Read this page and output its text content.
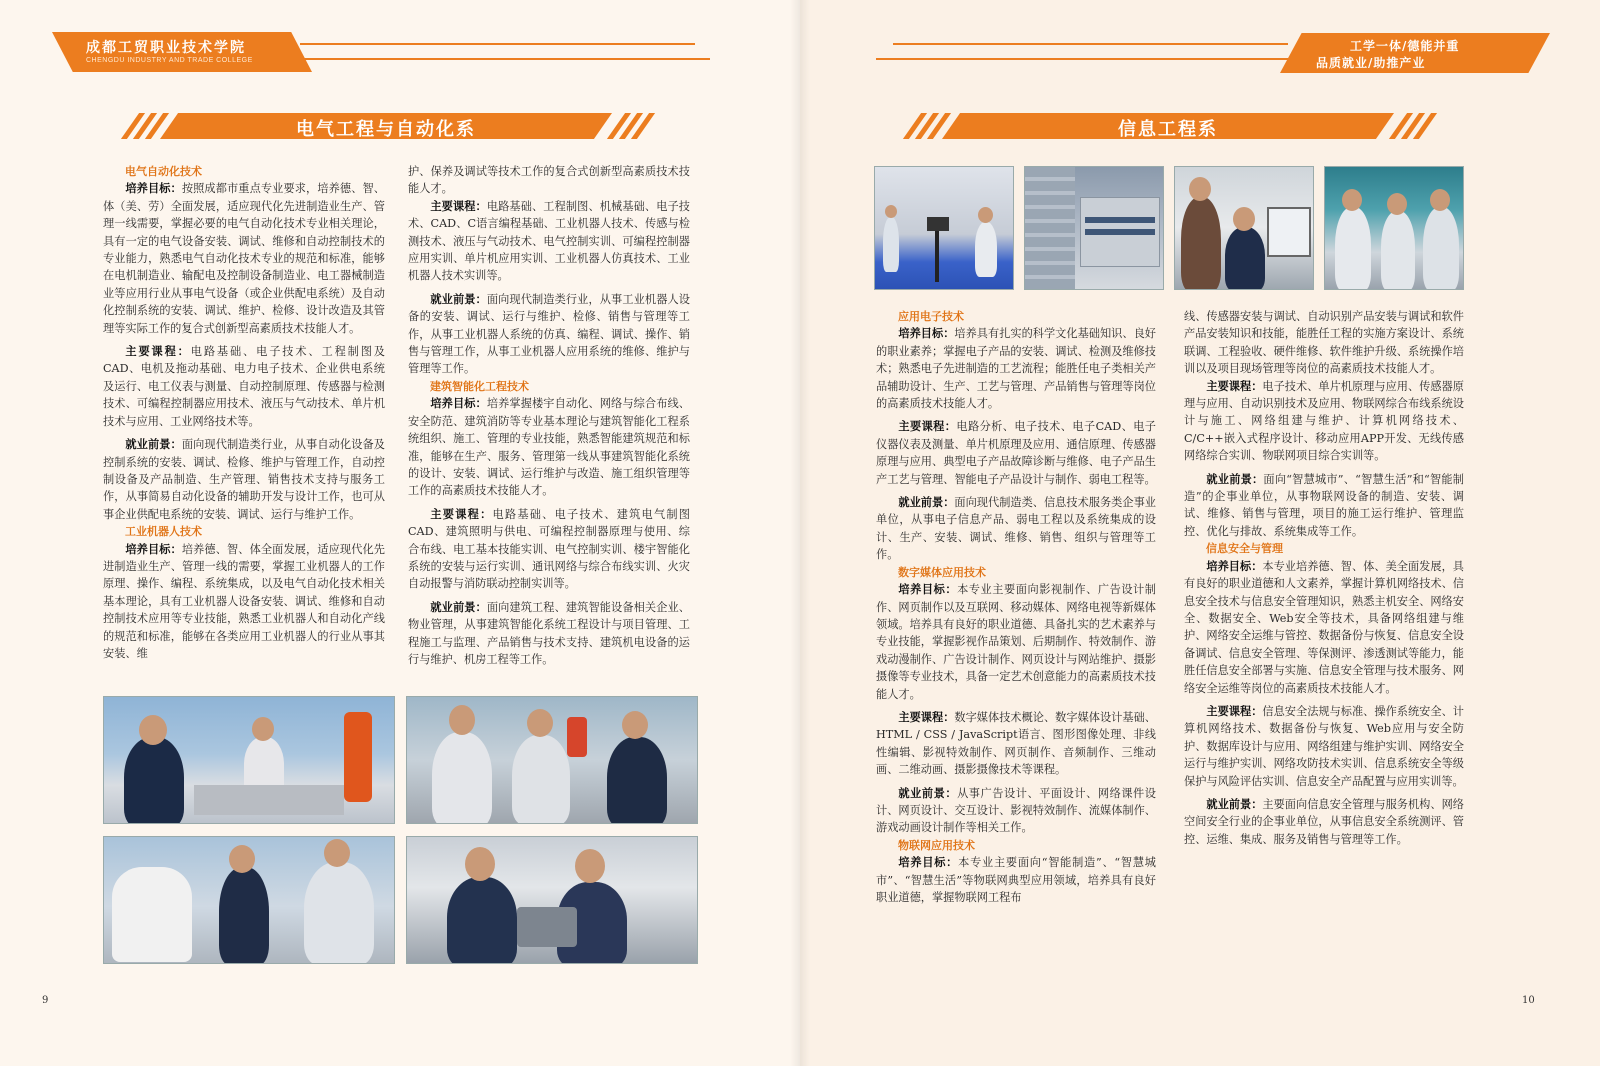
成都工贸职业技术学院
CHENGDU INDUSTRY AND TRADE COLLEGE
电气工程与自动化系
电气自动化技术

培养目标：按照成都市重点专业要求，培养德、智、体（美、劳）全面发展，适应现代化先进制造业生产、管理一线需要，掌握必要的电气自动化技术专业相关理论，具有一定的电气设备安装、调试、维修和自动控制技术的专业能力，熟悉电气自动化技术专业的规范和标准，能够在电机制造业、输配电及控制设备制造业、电工器械制造业等应用行业从事电气设备（或企业供配电系统）及自动化控制系统的安装、调试、维护、检修、设计改造及其管理等实际工作的复合式创新型高素质技术技能人才。

主要课程：电路基础、电子技术、工程制图及CAD、电机及拖动基础、电力电子技术、企业供电系统及运行、电工仪表与测量、自动控制原理、传感器与检测技术、可编程控制器应用技术、液压与气动技术、单片机技术与应用、工业网络技术等。

就业前景：面向现代制造类行业，从事自动化设备及控制系统的安装、调试、检修、维护与管理工作，自动控制设备及产品制造、生产管理、销售技术支持与服务工作，从事简易自动化设备的辅助开发与设计工作，也可从事企业供配电系统的安装、调试、运行与维护工作。

工业机器人技术

培养目标：培养德、智、体全面发展，适应现代化先进制造业生产、管理一线的需要，掌握工业机器人的工作原理、操作、编程、系统集成，以及电气自动化技术相关基本理论，具有工业机器人设备安装、调试、维修和自动控制技术应用等专业技能，熟悉工业机器人和自动化产线的规范和标准，能够在各类应用工业机器人的行业从事其安装、维

护、保养及调试等技术工作的复合式创新型高素质技术技能人才。

主要课程：电路基础、工程制图、机械基础、电子技术、CAD、C语言编程基础、工业机器人技术、传感与检测技术、液压与气动技术、电气控制实训、可编程控制器应用实训、单片机应用实训、工业机器人仿真技术、工业机器人技术实训等。

就业前景：面向现代制造类行业，从事工业机器人设备的安装、调试、运行与维护、检修、销售与管理等工作，从事工业机器人系统的仿真、编程、调试、操作、销售与管理工作，从事工业机器人应用系统的维修、维护与管理等工作。

建筑智能化工程技术

培养目标：培养掌握楼宇自动化、网络与综合布线、安全防范、建筑消防等专业基本理论与建筑智能化工程系统组织、施工、管理的专业技能，熟悉智能建筑规范和标准，能够在生产、服务、管理第一线从事建筑智能化系统的设计、安装、调试、运行维护与改造、施工组织管理等工作的高素质技术技能人才。

主要课程：电路基础、电子技术、建筑电气制图CAD、建筑照明与供电、可编程控制器原理与使用、综合布线、电工基本技能实训、电气控制实训、楼宇智能化系统的安装与运行实训、通讯网络与综合布线实训、火灾自动报警与消防联动控制实训等。

就业前景：面向建筑工程、建筑智能设备相关企业、物业管理，从事建筑智能化系统工程设计与项目管理、工程施工与监理、产品销售与技术支持、建筑机电设备的运行与维护、机房工程等工作。

9
工学一体/德能并重
品质就业/助推产业
信息工程系
应用电子技术

培养目标：培养具有扎实的科学文化基础知识、良好的职业素养；掌握电子产品的安装、调试、检测及维修技术；熟悉电子先进制造的工艺流程；能胜任电子类相关产品辅助设计、生产、工艺与管理、产品销售与管理等岗位的高素质技术技能人才。

主要课程：电路分析、电子技术、电子CAD、电子仪器仪表及测量、单片机原理及应用、通信原理、传感器原理与应用、典型电子产品故障诊断与维修、电子产品生产工艺与管理、智能电子产品设计与制作、弱电工程等。

就业前景：面向现代制造类、信息技术服务类企事业单位，从事电子信息产品、弱电工程以及系统集成的设计、生产、安装、调试、维修、销售、组织与管理等工作。

数字媒体应用技术

培养目标：本专业主要面向影视制作、广告设计制作、网页制作以及互联网、移动媒体、网络电视等新媒体领域。培养具有良好的职业道德、具备扎实的艺术素养与专业技能，掌握影视作品策划、后期制作、特效制作、游戏动漫制作、广告设计制作、网页设计与网站维护、摄影摄像等专业技术，具备一定艺术创意能力的高素质技术技能人才。

主要课程：数字媒体技术概论、数字媒体设计基础、HTML / CSS / JavaScript语言、图形图像处理、非线性编辑、影视特效制作、网页制作、音频制作、三维动画、二维动画、摄影摄像技术等课程。

就业前景：从事广告设计、平面设计、网络课件设计、网页设计、交互设计、影视特效制作、流媒体制作、游戏动画设计制作等相关工作。

物联网应用技术

培养目标：本专业主要面向“智能制造”、“智慧城市”、“智慧生活”等物联网典型应用领域，培养具有良好职业道德，掌握物联网工程布

线、传感器安装与调试、自动识别产品安装与调试和软件产品安装知识和技能，能胜任工程的实施方案设计、系统联调、工程验收、硬件维修、软件维护升级、系统操作培训以及项目现场管理等岗位的高素质技术技能人才。

主要课程：电子技术、单片机原理与应用、传感器原理与应用、自动识别技术及应用、物联网综合布线系统设计与施工、网络组建与维护、计算机网络技术、C/C++嵌入式程序设计、移动应用APP开发、无线传感网络综合实训、物联网项目综合实训等。

就业前景：面向“智慧城市”、“智慧生活”和“智能制造”的企事业单位，从事物联网设备的制造、安装、调试、维修、销售与管理，项目的施工运行维护、管理监控、优化与排故、系统集成等工作。

信息安全与管理

培养目标：本专业培养德、智、体、美全面发展，具有良好的职业道德和人文素养，掌握计算机网络技术、信息安全技术与信息安全管理知识，熟悉主机安全、网络安全、数据安全、Web安全等技术，具备网络组建与维护、网络安全运维与管控、数据备份与恢复、信息安全设备调试、信息安全管理、等保测评、渗透测试等能力，能胜任信息安全部署与实施、信息安全管理与技术服务、网络安全运维等岗位的高素质技术技能人才。

主要课程：信息安全法规与标准、操作系统安全、计算机网络技术、数据备份与恢复、Web应用与安全防护、数据库设计与应用、网络组建与维护实训、网络安全运行与维护实训、网络攻防技术实训、信息系统安全等级保护与风险评估实训、信息安全产品配置与应用实训等。

就业前景：主要面向信息安全管理与服务机构、网络空间安全行业的企事业单位，从事信息安全系统测评、管控、运维、集成、服务及销售与管理等工作。

10
